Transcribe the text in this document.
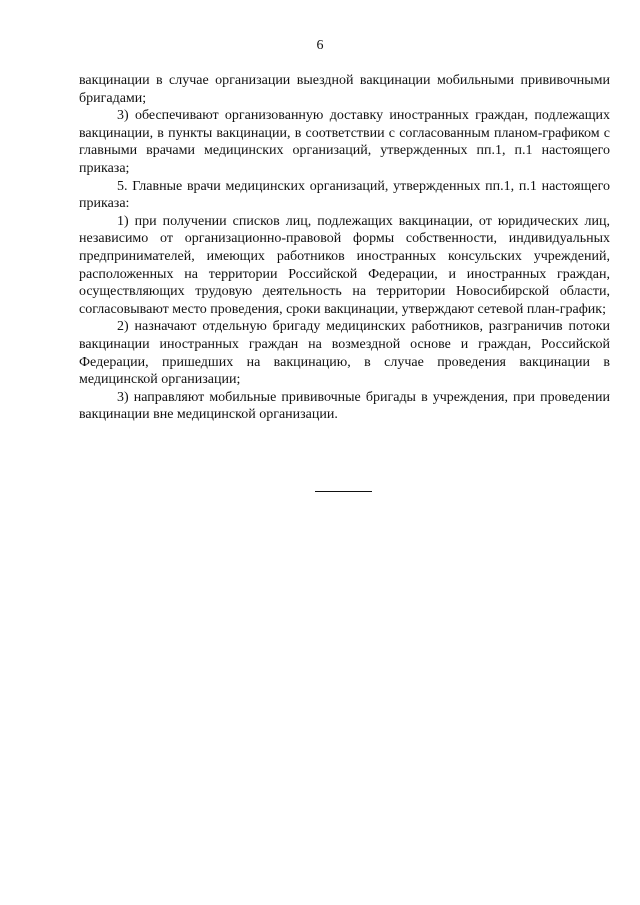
6

вакцинации в случае организации выездной вакцинации мобильными прививочными бригадами;

3) обеспечивают организованную доставку иностранных граждан, подлежащих вакцинации, в пункты вакцинации, в соответствии с согласованным планом-графиком с главными врачами медицинских организаций, утвержденных пп.1, п.1 настоящего приказа;

5. Главные врачи медицинских организаций, утвержденных пп.1, п.1 настоящего приказа:

1) при получении списков лиц, подлежащих вакцинации, от юридических лиц, независимо от организационно-правовой формы собственности, индивидуальных предпринимателей, имеющих работников иностранных консульских учреждений, расположенных на территории Российской Федерации, и иностранных граждан, осуществляющих трудовую деятельность на территории Новосибирской области, согласовывают место проведения, сроки вакцинации, утверждают сетевой план-график;

2) назначают отдельную бригаду медицинских работников, разграничив потоки вакцинации иностранных граждан на возмездной основе и граждан, Российской Федерации, пришедших на вакцинацию, в случае проведения вакцинации в медицинской организации;

3) направляют мобильные прививочные бригады в учреждения, при проведении вакцинации вне медицинской организации.
